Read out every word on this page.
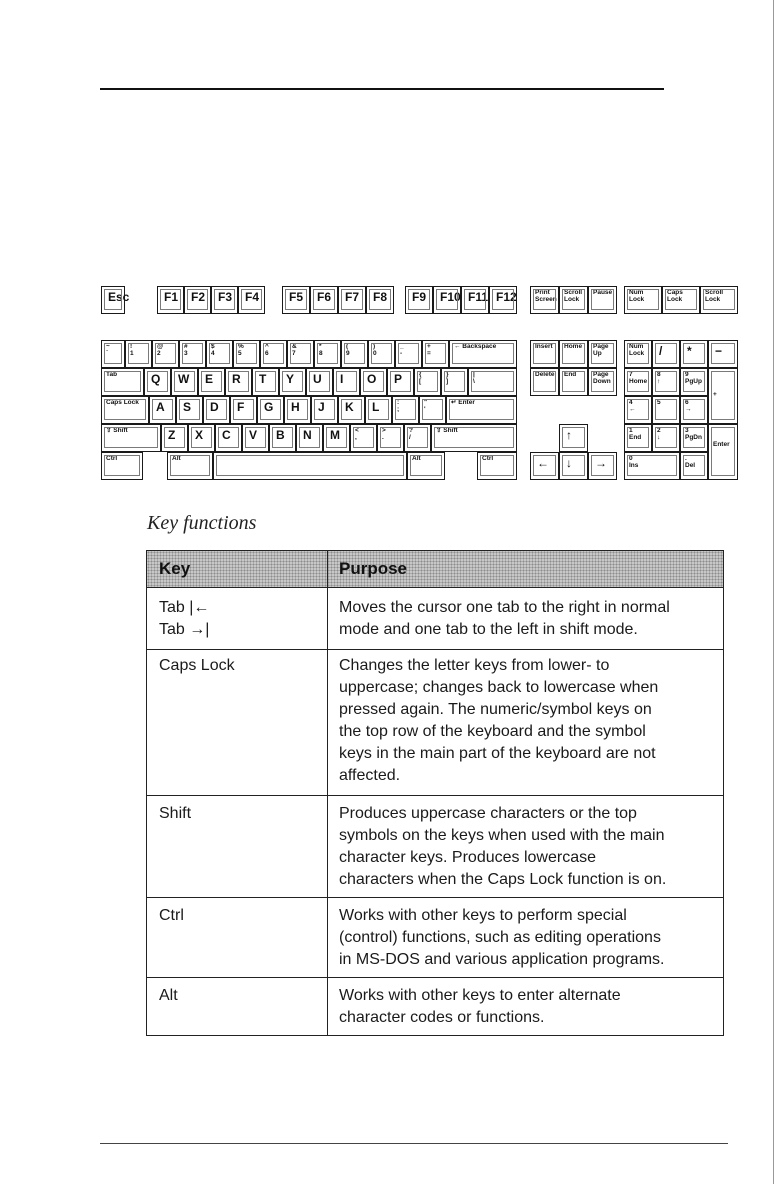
Esc	F1 F2 F3 F4 F5 F6 F7 F8 F9 F10 F11 F12	Print
Screen
Scroll
Lock
Pause	Num
Lock
Caps
Lock
Scroll
Lock
~
`
!
1
@
2
#
3
$
4
%
5
^
6
&
7
*
8
(
9
)
0
_
-
+
=
← Backspace	Insert Home Page
Up
Num
Lock / * −
Tab	Q W E R T Y U I O P	{
[
}
]
|
\
Delete End	Page
Down
7
Home
8
↑
9
PgUp

+
Caps Lock A S D F G H J K L	:
;
"
'
↵ Enter	4
←
5	6
→
⇧ Shift	Z X C V B N M <
,
>
.
?
/
⇧ Shift	↑	1
End
2
↓
3
PgDn

Enter
Ctrl	Alt	Alt	Ctrl	← ↓ →	0
Ins
.
Del
Key functions
Key	Purpose
Tab |←
Tab →|
Moves the cursor one tab to the right in normal
mode and one tab to the left in shift mode.
Caps Lock	Changes the letter keys from lower- to
uppercase; changes back to lowercase when
pressed again. The numeric/symbol keys on
the top row of the keyboard and the symbol
keys in the main part of the keyboard are not
affected.
Shift	Produces uppercase characters or the top
symbols on the keys when used with the main
character keys. Produces lowercase
characters when the Caps Lock function is on.
Ctrl	Works with other keys to perform special
(control) functions, such as editing operations
in MS-DOS and various application programs.
Alt	Works with other keys to enter alternate
character codes or functions.
